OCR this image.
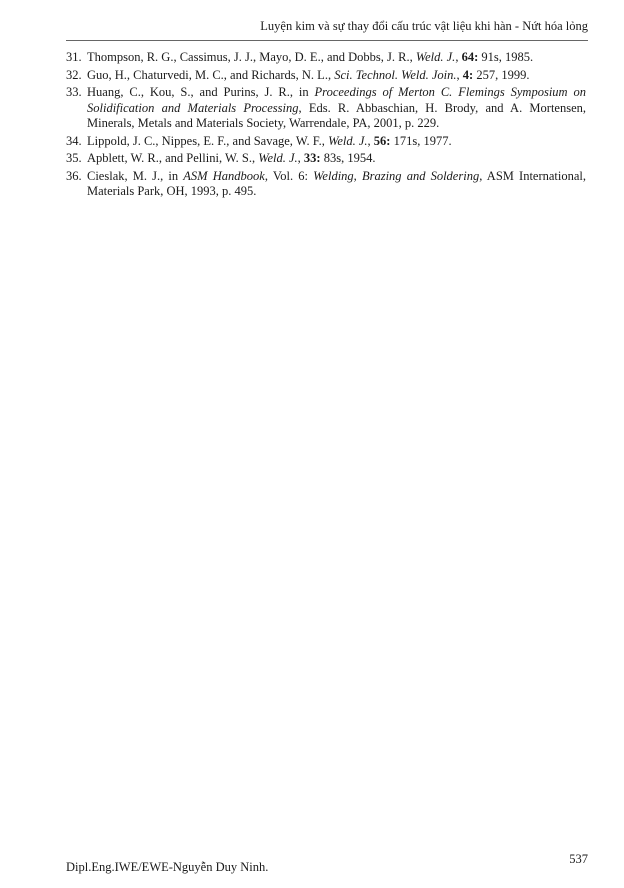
Luyện kim và sự thay đổi cấu trúc vật liệu khi hàn - Nứt hóa lỏng
31. Thompson, R. G., Cassimus, J. J., Mayo, D. E., and Dobbs, J. R., Weld. J., 64: 91s, 1985.
32. Guo, H., Chaturvedi, M. C., and Richards, N. L., Sci. Technol. Weld. Join., 4: 257, 1999.
33. Huang, C., Kou, S., and Purins, J. R., in Proceedings of Merton C. Flemings Symposium on Solidification and Materials Processing, Eds. R. Abbaschian, H. Brody, and A. Mortensen, Minerals, Metals and Materials Society, Warrendale, PA, 2001, p. 229.
34. Lippold, J. C., Nippes, E. F., and Savage, W. F., Weld. J., 56: 171s, 1977.
35. Apblett, W. R., and Pellini, W. S., Weld. J., 33: 83s, 1954.
36. Cieslak, M. J., in ASM Handbook, Vol. 6: Welding, Brazing and Soldering, ASM International, Materials Park, OH, 1993, p. 495.
Dipl.Eng.IWE/EWE-Nguyễn Duy Ninh.
537
